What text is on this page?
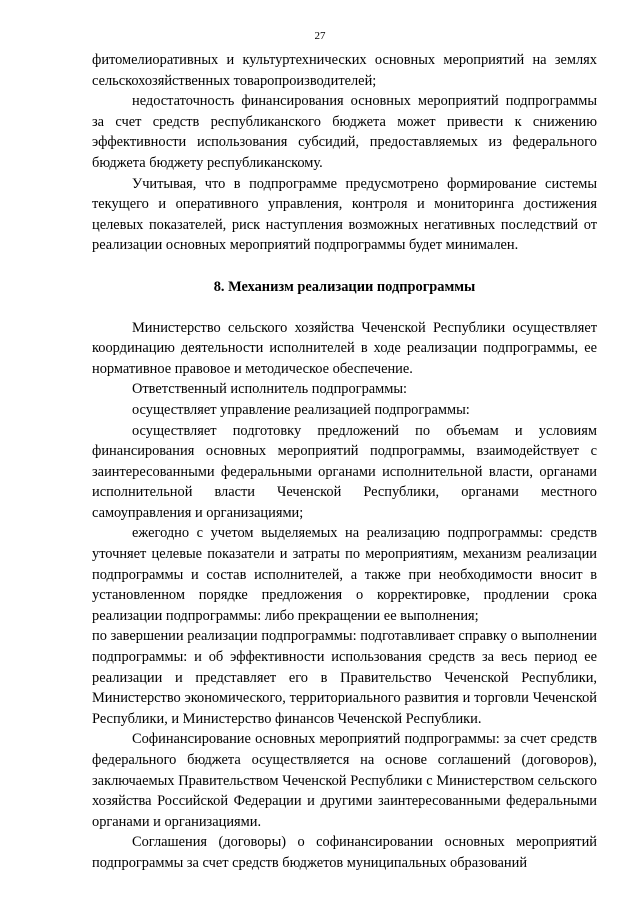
27

фитомелиоративных и культуртехнических основных мероприятий на землях сельскохозяйственных товаропроизводителей;

недостаточность финансирования основных мероприятий подпрограммы за счет средств республиканского бюджета может привести к снижению эффективности использования субсидий, предоставляемых из федерального бюджета бюджету республиканскому.

Учитывая, что в подпрограмме предусмотрено формирование системы текущего и оперативного управления, контроля и мониторинга достижения целевых показателей, риск наступления возможных негативных последствий от реализации основных мероприятий подпрограммы будет минимален.

8. Механизм реализации подпрограммы

Министерство сельского хозяйства Чеченской Республики осуществляет координацию деятельности исполнителей в ходе реализации подпрограммы, ее нормативное правовое и методическое обеспечение.

Ответственный исполнитель подпрограммы:

осуществляет управление реализацией подпрограммы:

осуществляет подготовку предложений по объемам и условиям финансирования основных мероприятий подпрограммы, взаимодействует с заинтересованными федеральными органами исполнительной власти, органами исполнительной власти Чеченской Республики, органами местного самоуправления и организациями;

ежегодно с учетом выделяемых на реализацию подпрограммы: средств уточняет целевые показатели и затраты по мероприятиям, механизм реализации подпрограммы и состав исполнителей, а также при необходимости вносит в установленном порядке предложения о корректировке, продлении срока реализации подпрограммы: либо прекращении ее выполнения;

по завершении реализации подпрограммы: подготавливает справку о выполнении подпрограммы: и об эффективности использования средств за весь период ее реализации и представляет его в Правительство Чеченской Республики, Министерство экономического, территориального развития и торговли Чеченской Республики, и Министерство финансов Чеченской Республики.

Софинансирование основных мероприятий подпрограммы: за счет средств федерального бюджета осуществляется на основе соглашений (договоров), заключаемых Правительством Чеченской Республики с Министерством сельского хозяйства Российской Федерации и другими заинтересованными федеральными органами и организациями.

Соглашения (договоры) о софинансировании основных мероприятий подпрограммы за счет средств бюджетов муниципальных образований
